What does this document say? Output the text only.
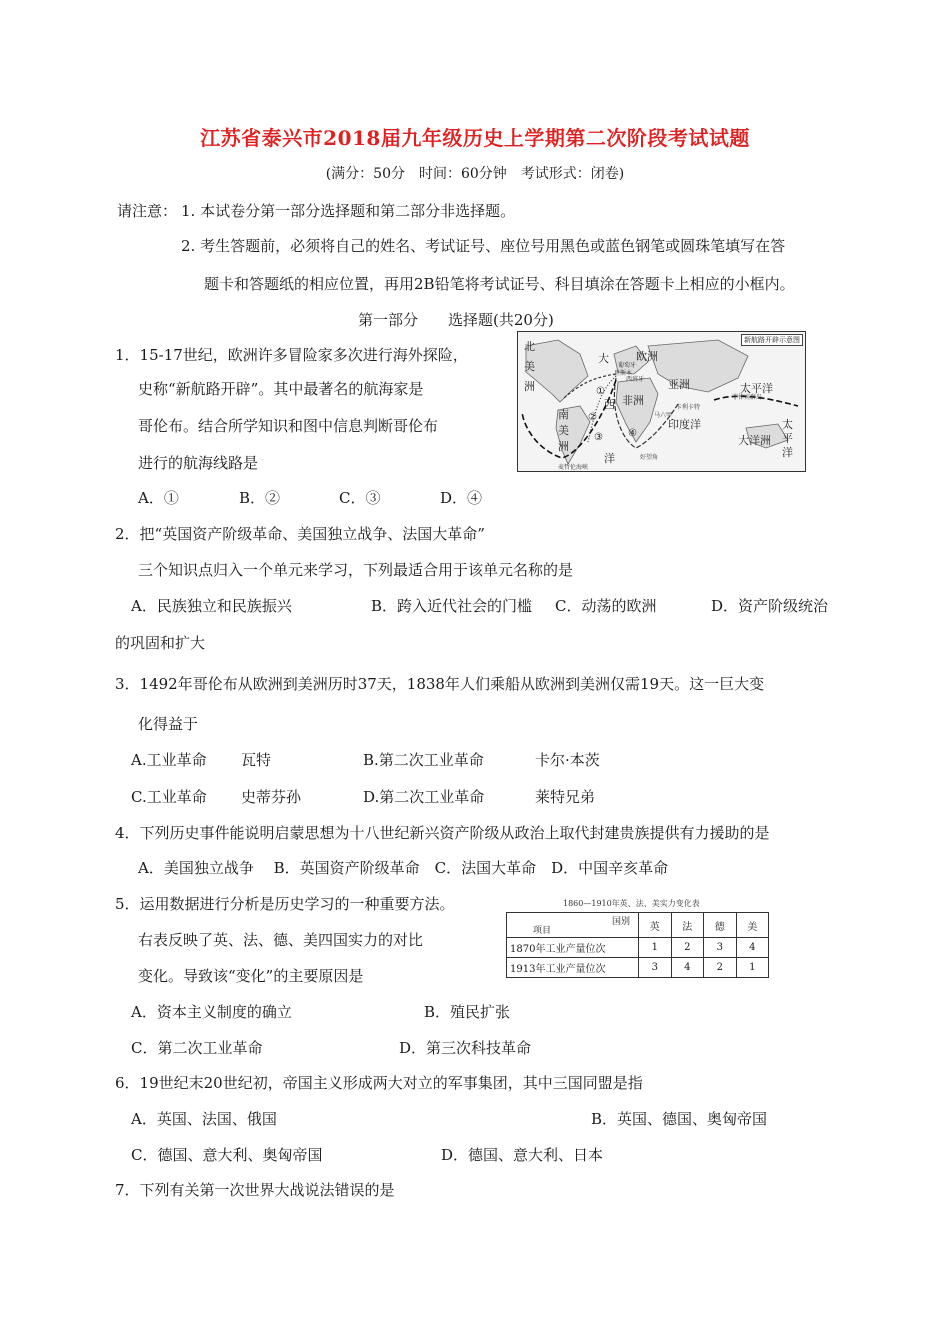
江苏省泰兴市2018届九年级历史上学期第二次阶段考试试题
(满分：50分　时间：60分钟　考试形式：闭卷)
请注意： 1. 本试卷分第一部分选择题和第二部分非选择题。
2. 考生答题前，必须将自己的姓名、考试证号、座位号用黑色或蓝色钢笔或圆珠笔填写在答
题卡和答题纸的相应位置，再用2B铅笔将考试证号、科目填涂在答题卡上相应的小框内。
第一部分　　选择题(共20分)
1．15-17世纪，欧洲许多冒险家多次进行海外探险，
史称“新航路开辟”。其中最著名的航海家是
哥伦布。结合所学知识和图中信息判断哥伦布
进行的航海线路是
A．①	B．②	C．③	D．④
新航路开辟示意图
北
美
洲
大 欧洲
亚洲
南
美
洲
西 非洲
洋
印度洋
太平洋
太
平
洋
大洋洲
葡萄牙
里斯本
西班牙
卡利卡特
马六甲
好望角
麦哲伦海峡
菲律宾群岛
①
②
③	④
2．把“英国资产阶级革命、美国独立战争、法国大革命”
三个知识点归入一个单元来学习，下列最适合用于该单元名称的是
A．民族独立和民族振兴	B．跨入近代社会的门槛 C．动荡的欧洲	D．资产阶级统治
的巩固和扩大
3．1492年哥伦布从欧洲到美洲历时37天，1838年人们乘船从欧洲到美洲仅需19天。这一巨大变
化得益于
A.工业革命 瓦特	B.第二次工业革命	卡尔·本茨
C.工业革命 史蒂芬孙	D.第二次工业革命	莱特兄弟
4．下列历史事件能说明启蒙思想为十八世纪新兴资产阶级从政治上取代封建贵族提供有力援助的是
A．美国独立战争　 B．英国资产阶级革命　C．法国大革命　D．中国辛亥革命
5．运用数据进行分析是历史学习的一种重要方法。
右表反映了英、法、德、美四国实力的对比
变化。导致该“变化”的主要原因是
A．资本主义制度的确立	B．殖民扩张
C．第二次工业革命	D．第三次科技革命
1860—1910年英、法、美实力变化表
国别
项目	英	法	德	美
1870年工业产量位次	1	2	3	4
1913年工业产量位次	3	4	2	1
6．19世纪末20世纪初，帝国主义形成两大对立的军事集团，其中三国同盟是指
A．英国、法国、俄国	B．英国、德国、奥匈帝国
C．德国、意大利、奥匈帝国	D．德国、意大利、日本
7．下列有关第一次世界大战说法错误的是
